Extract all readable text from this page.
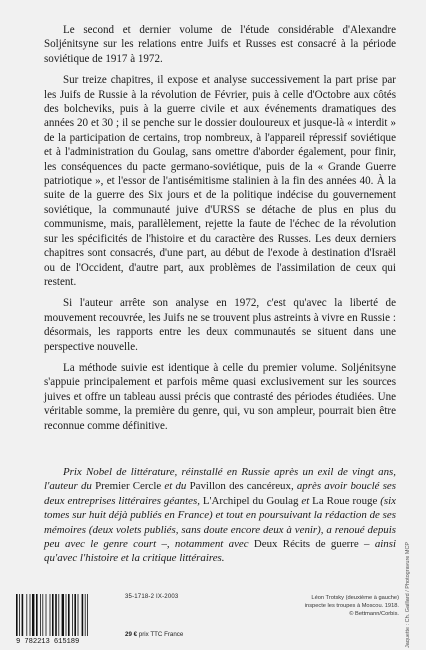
Le second et dernier volume de l'étude considérable d'Alexandre Soljénitsyne sur les relations entre Juifs et Russes est consacré à la période soviétique de 1917 à 1972.

Sur treize chapitres, il expose et analyse successivement la part prise par les Juifs de Russie à la révolution de Février, puis à celle d'Octobre aux côtés des bolcheviks, puis à la guerre civile et aux événements dramatiques des années 20 et 30 ; il se penche sur le dossier douloureux et jusque-là « interdit » de la participation de certains, trop nombreux, à l'appareil répressif soviétique et à l'administration du Goulag, sans omettre d'aborder également, pour finir, les conséquences du pacte germano-soviétique, puis de la « Grande Guerre patriotique », et l'essor de l'antisémitisme stalinien à la fin des années 40. À la suite de la guerre des Six jours et de la politique indécise du gouvernement soviétique, la communauté juive d'URSS se détache de plus en plus du communisme, mais, parallèlement, rejette la faute de l'échec de la révolution sur les spécificités de l'histoire et du caractère des Russes. Les deux derniers chapitres sont consacrés, d'une part, au début de l'exode à destination d'Israël ou de l'Occident, d'autre part, aux problèmes de l'assimilation de ceux qui restent.

Si l'auteur arrête son analyse en 1972, c'est qu'avec la liberté de mouvement recouvrée, les Juifs ne se trouvent plus astreints à vivre en Russie : désormais, les rapports entre les deux communautés se situent dans une perspective nouvelle.

La méthode suivie est identique à celle du premier volume. Soljénitsyne s'appuie principalement et parfois même quasi exclusivement sur les sources juives et offre un tableau aussi précis que contrasté des périodes étudiées. Une véritable somme, la première du genre, qui, vu son ampleur, pourrait bien être reconnue comme définitive.

Prix Nobel de littérature, réinstallé en Russie après un exil de vingt ans, l'auteur du Premier Cercle et du Pavillon des cancéreux, après avoir bouclé ses deux entreprises littéraires géantes, L'Archipel du Goulag et La Roue rouge (six tomes sur huit déjà publiés en France) et tout en poursuivant la rédaction de ses mémoires (deux volets publiés, sans doute encore deux à venir), a renoué depuis peu avec le genre court –, notamment avec Deux Récits de guerre – ainsi qu'avec l'histoire et la critique littéraires.
9 782213 615189
35-1718-2 IX-2003
29 € prix TTC France
Léon Trotsky (deuxième à gauche)
inspecte les troupes à Moscou. 1918.
© Bettmann/Corbis. Jaquette : Ch. Gaillard / Photogravure MCP
